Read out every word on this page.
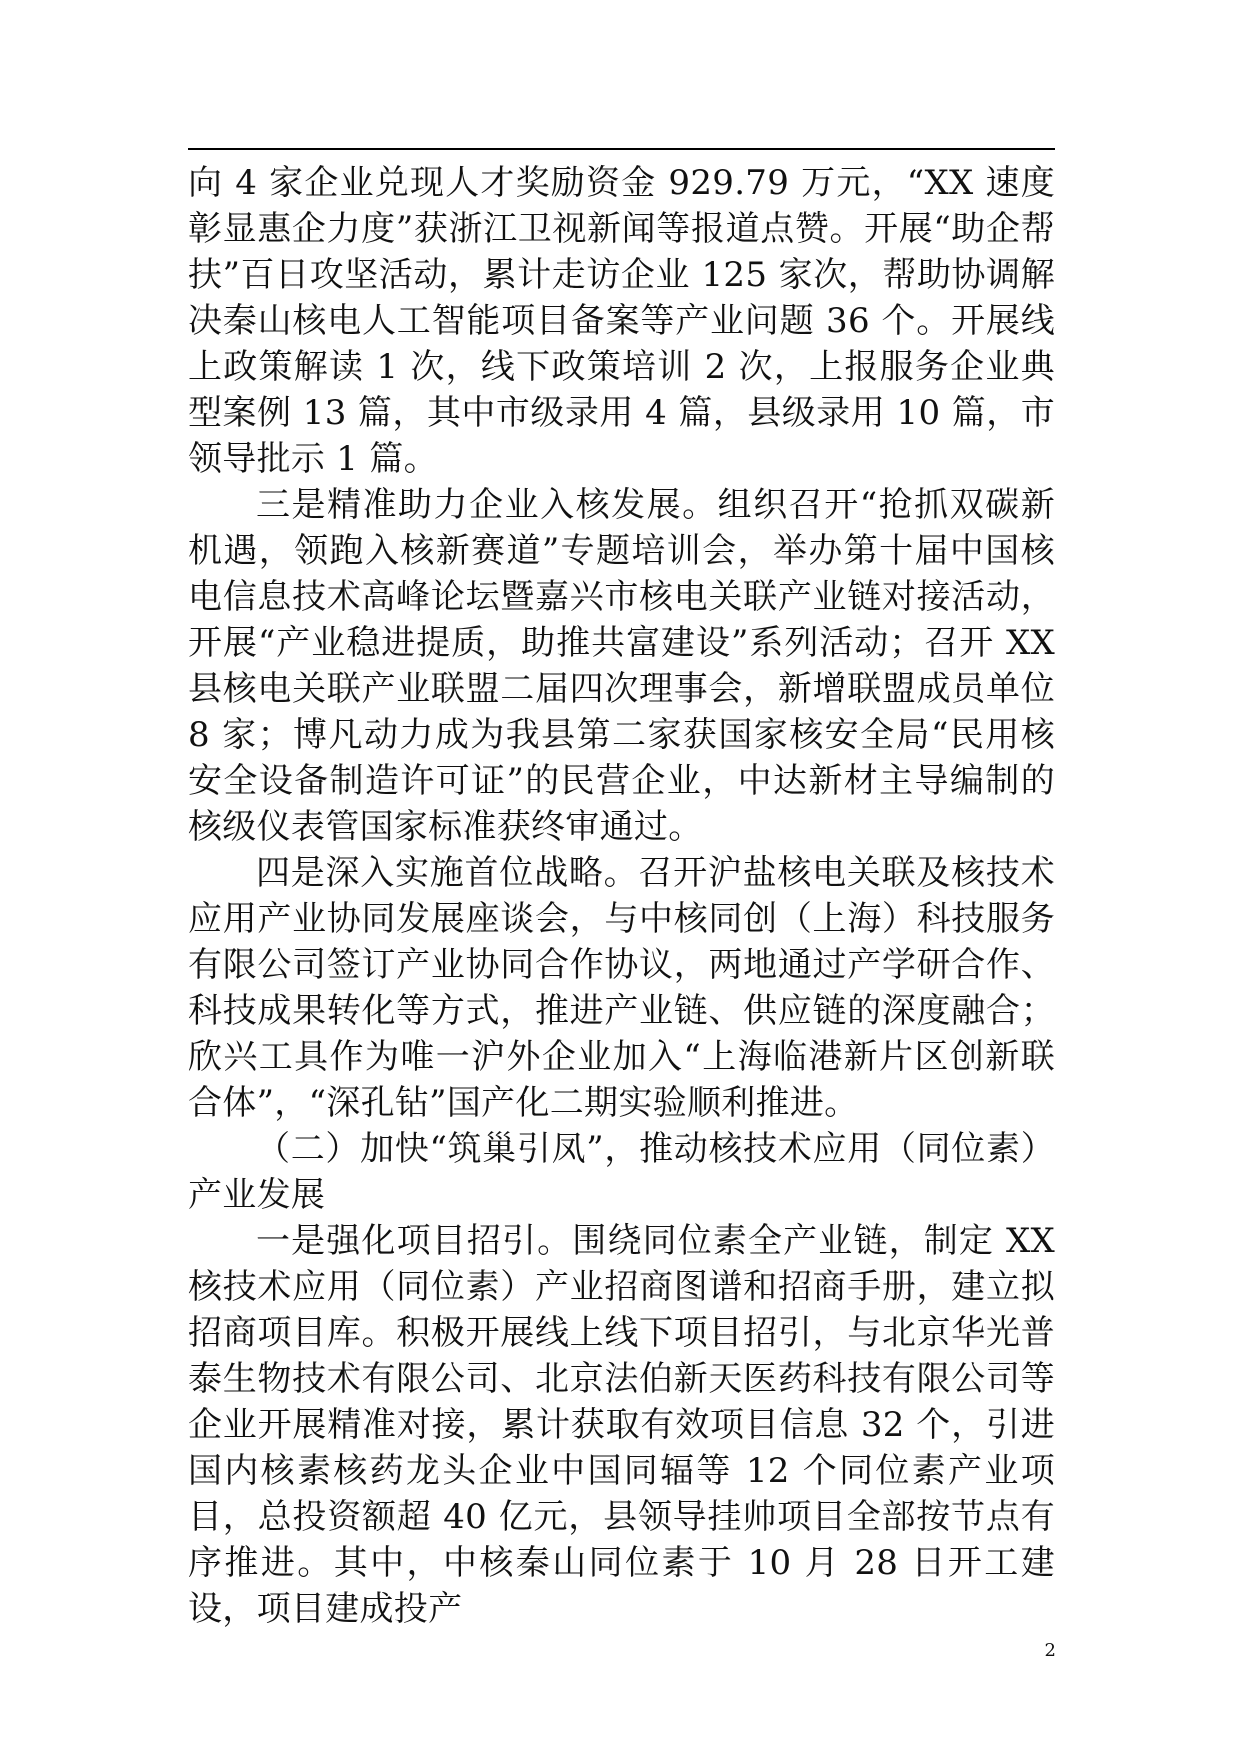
向 4 家企业兑现人才奖励资金 929.79 万元，“XX 速度彰显惠企力度”获浙江卫视新闻等报道点赞。开展“助企帮扶”百日攻坚活动，累计走访企业 125 家次，帮助协调解决秦山核电人工智能项目备案等产业问题 36 个。开展线上政策解读 1 次，线下政策培训 2 次，上报服务企业典型案例 13 篇，其中市级录用 4 篇，县级录用 10 篇，市领导批示 1 篇。

三是精准助力企业入核发展。组织召开“抢抓双碳新机遇，领跑入核新赛道”专题培训会，举办第十届中国核电信息技术高峰论坛暨嘉兴市核电关联产业链对接活动，开展“产业稳进提质，助推共富建设”系列活动；召开 XX 县核电关联产业联盟二届四次理事会，新增联盟成员单位 8 家；博凡动力成为我县第二家获国家核安全局“民用核安全设备制造许可证”的民营企业，中达新材主导编制的核级仪表管国家标准获终审通过。

四是深入实施首位战略。召开沪盐核电关联及核技术应用产业协同发展座谈会，与中核同创（上海）科技服务有限公司签订产业协同合作协议，两地通过产学研合作、科技成果转化等方式，推进产业链、供应链的深度融合；欣兴工具作为唯一沪外企业加入“上海临港新片区创新联合体”，“深孔钻”国产化二期实验顺利推进。

（二）加快“筑巢引凤”，推动核技术应用（同位素）产业发展

一是强化项目招引。围绕同位素全产业链，制定 XX 核技术应用（同位素）产业招商图谱和招商手册，建立拟招商项目库。积极开展线上线下项目招引，与北京华光普泰生物技术有限公司、北京法伯新天医药科技有限公司等企业开展精准对接，累计获取有效项目信息 32 个，引进国内核素核药龙头企业中国同辐等 12 个同位素产业项目，总投资额超 40 亿元，县领导挂帅项目全部按节点有序推进。其中，中核秦山同位素于 10 月 28 日开工建设，项目建成投产

2
